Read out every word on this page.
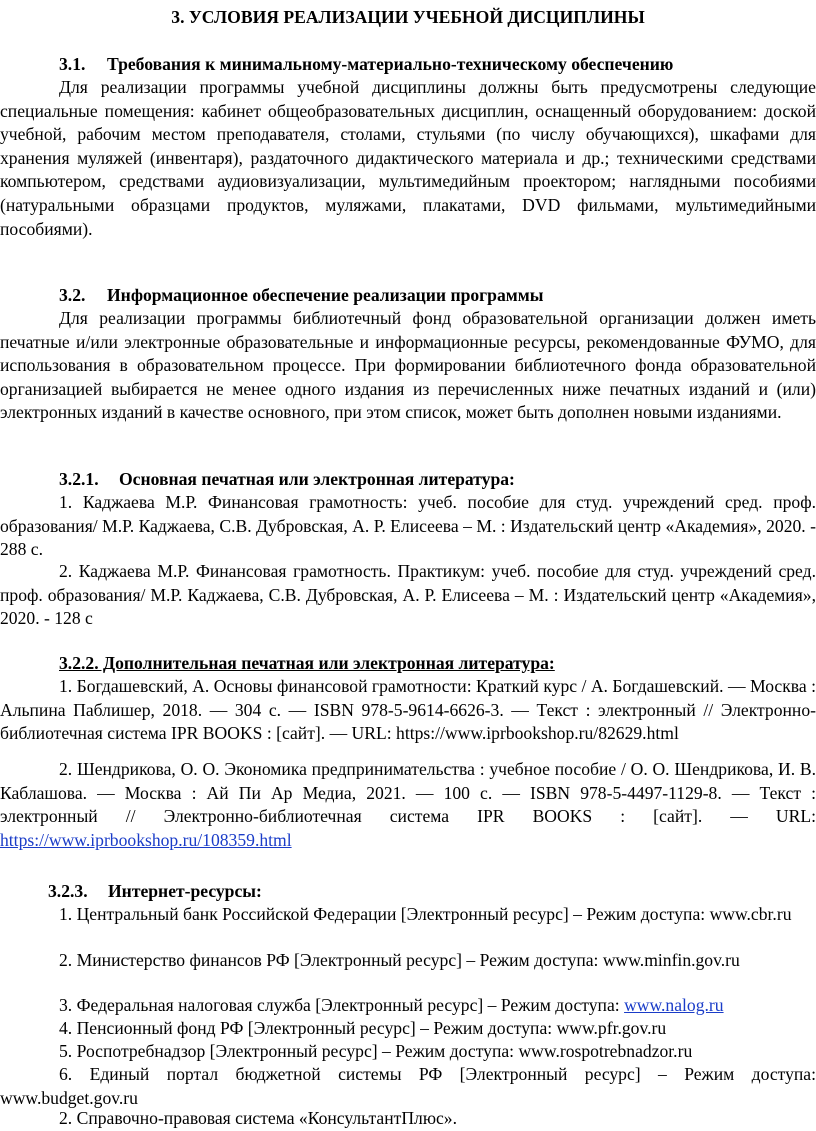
3. УСЛОВИЯ РЕАЛИЗАЦИИ УЧЕБНОЙ ДИСЦИПЛИНЫ
3.1. Требования к минимальному-материально-техническому обеспечению

Для реализации программы учебной дисциплины должны быть предусмотрены следующие специальные помещения: кабинет общеобразовательных дисциплин, оснащенный оборудованием: доской учебной, рабочим местом преподавателя, столами, стульями (по числу обучающихся), шкафами для хранения муляжей (инвентаря), раздаточного дидактического материала и др.; техническими средствами компьютером, средствами аудиовизуализации, мультимедийным проектором; наглядными пособиями (натуральными образцами продуктов, муляжами, плакатами, DVD фильмами, мультимедийными пособиями).

3.2. Информационное обеспечение реализации программы

Для реализации программы библиотечный фонд образовательной организации должен иметь печатные и/или электронные образовательные и информационные ресурсы, рекомендованные ФУМО, для использования в образовательном процессе. При формировании библиотечного фонда образовательной организацией выбирается не менее одного издания из перечисленных ниже печатных изданий и (или) электронных изданий в качестве основного, при этом список, может быть дополнен новыми изданиями.

3.2.1. Основная печатная или электронная литература:

1. Каджаева М.Р. Финансовая грамотность: учеб. пособие для студ. учреждений сред. проф. образования/ М.Р. Каджаева, С.В. Дубровская, А. Р. Елисеева – М. : Издательский центр «Академия», 2020. - 288 с.

2. Каджаева М.Р. Финансовая грамотность. Практикум: учеб. пособие для студ. учреждений сред. проф. образования/ М.Р. Каджаева, С.В. Дубровская, А. Р. Елисеева – М. : Издательский центр «Академия», 2020. - 128 с

3.2.2. Дополнительная печатная или электронная литература:

1. Богдашевский, А. Основы финансовой грамотности: Краткий курс / А. Богдашевский. — Москва : Альпина Паблишер, 2018. — 304 с. — ISBN 978-5-9614-6626-3. — Текст : электронный // Электронно-библиотечная система IPR BOOKS : [сайт]. — URL: https://www.iprbookshop.ru/82629.html

2. Шендрикова, О. О. Экономика предпринимательства : учебное пособие / О. О. Шендрикова, И. В. Каблашова. — Москва : Ай Пи Ар Медиа, 2021. — 100 с. — ISBN 978-5-4497-1129-8. — Текст : электронный // Электронно-библиотечная система IPR BOOKS : [сайт]. — URL: https://www.iprbookshop.ru/108359.html

3.2.3. Интернет-ресурсы:

1. Центральный банк Российской Федерации [Электронный ресурс] – Режим доступа: www.cbr.ru

2. Министерство финансов РФ [Электронный ресурс] – Режим доступа: www.minfin.gov.ru

3. Федеральная налоговая служба [Электронный ресурс] – Режим доступа: www.nalog.ru

4. Пенсионный фонд РФ [Электронный ресурс] – Режим доступа: www.pfr.gov.ru

5. Роспотребнадзор [Электронный ресурс] – Режим доступа: www.rospotrebnadzor.ru

6. Единый портал бюджетной системы РФ [Электронный ресурс] – Режим доступа: www.budget.gov.ru

2. Справочно-правовая система «КонсультантПлюс».
